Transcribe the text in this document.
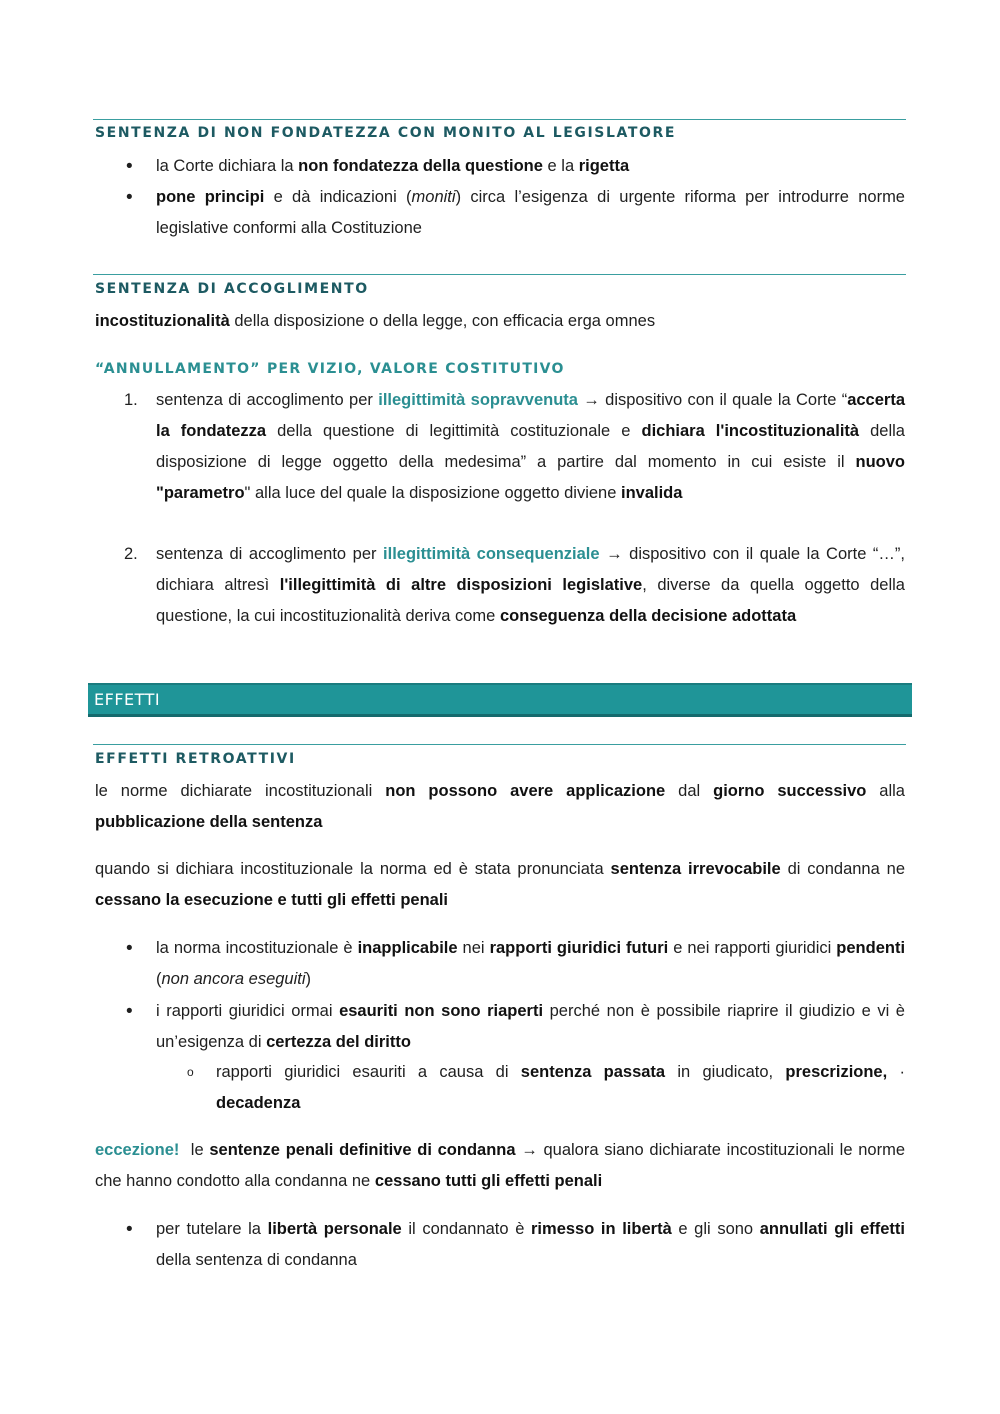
SENTENZA DI NON FONDATEZZA CON MONITO AL LEGISLATORE
•	la Corte dichiara la non fondatezza della questione e la rigetta
•	pone principi e dà indicazioni (moniti) circa l’esigenza di urgente riforma per introdurre norme legislative conformi alla Costituzione
SENTENZA DI ACCOGLIMENTO
incostituzionalità della disposizione o della legge, con efficacia erga omnes
“ANNULLAMENTO” PER VIZIO, VALORE COSTITUTIVO
1.	sentenza di accoglimento per illegittimità sopravvenuta → dispositivo con il quale la Corte “accerta la fondatezza della questione di legittimità costituzionale e dichiara l'incostituzionalità della disposizione di legge oggetto della medesima” a partire dal momento in cui esiste il nuovo "parametro" alla luce del quale la disposizione oggetto diviene invalida
2.	sentenza di accoglimento per illegittimità consequenziale → dispositivo con il quale la Corte “…”, dichiara altresì l'illegittimità di altre disposizioni legislative, diverse da quella oggetto della questione, la cui incostituzionalità deriva come conseguenza della decisione adottata
EFFETTI RETROATTIVI
le norme dichiarate incostituzionali non possono avere applicazione dal giorno successivo alla pubblicazione della sentenza
quando si dichiara incostituzionale la norma ed è stata pronunciata sentenza irrevocabile di condanna ne cessano la esecuzione e tutti gli effetti penali
•	la norma incostituzionale è inapplicabile nei rapporti giuridici futuri e nei rapporti giuridici pendenti (non ancora eseguiti)
•	i rapporti giuridici ormai esauriti non sono riaperti perché non è possibile riaprire il giudizio e vi è un’esigenza di certezza del diritto
o	rapporti giuridici esauriti a causa di sentenza passata in giudicato, prescrizione, · decadenza
eccezione!  le sentenze penali definitive di condanna → qualora siano dichiarate incostituzionali le norme che hanno condotto alla condanna ne cessano tutti gli effetti penali
•	per tutelare la libertà personale il condannato è rimesso in libertà e gli sono annullati gli effetti della sentenza di condanna
EFFETTI
